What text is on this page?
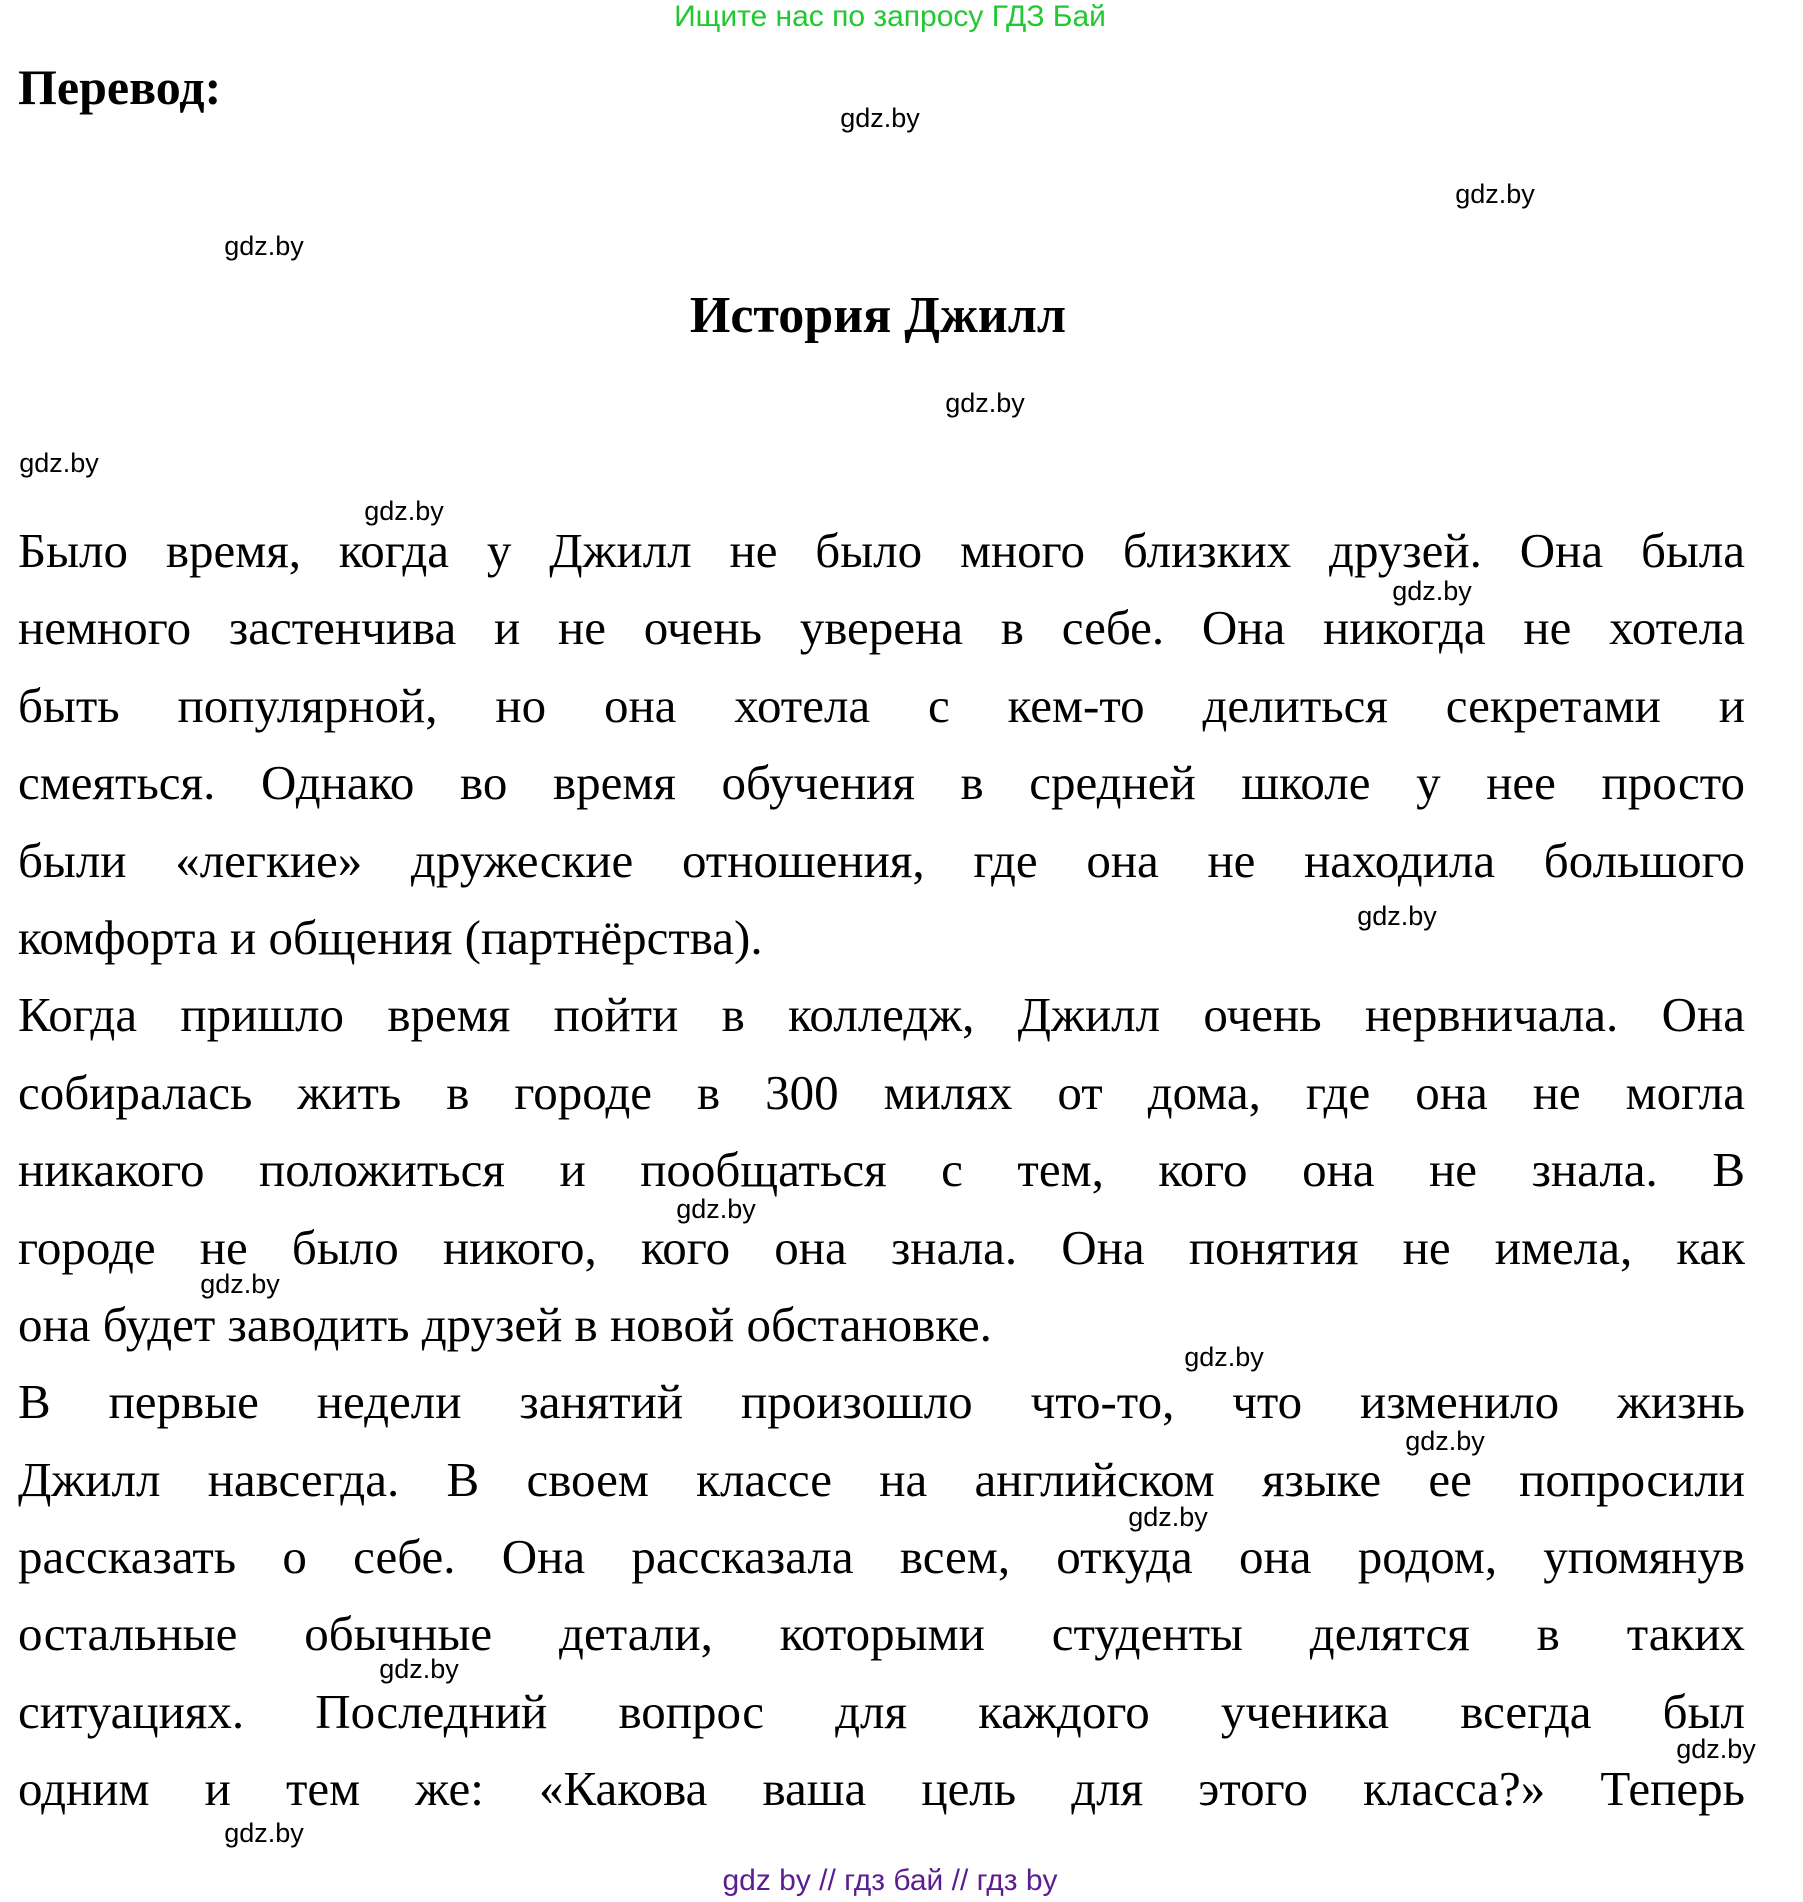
Ищите нас по запросу ГДЗ Бай
Перевод:
История Джилл
Было время, когда у Джилл не было много близких друзей. Она была
немного застенчива и не очень уверена в себе. Она никогда не хотела
быть популярной, но она хотела с кем-то делиться секретами и
смеяться. Однако во время обучения в средней школе у нее просто
были «легкие» дружеские отношения, где она не находила большого
комфорта и общения (партнёрства).
Когда пришло время пойти в колледж, Джилл очень нервничала. Она
собиралась жить в городе в 300 милях от дома, где она не могла
никакого положиться и пообщаться с тем, кого она не знала. В
городе не было никого, кого она знала. Она понятия не имела, как
она будет заводить друзей в новой обстановке.
В первые недели занятий произошло что-то, что изменило жизнь
Джилл навсегда. В своем классе на английском языке ее попросили
рассказать о себе. Она рассказала всем, откуда она родом, упомянув
остальные обычные детали, которыми студенты делятся в таких
ситуациях. Последний вопрос для каждого ученика всегда был
одним и тем же: «Какова ваша цель для этого класса?» Теперь
gdz.by
gdz.by
gdz.by
gdz.by
gdz.by
gdz.by
gdz.by
gdz.by
gdz.by
gdz.by
gdz.by
gdz.by
gdz.by
gdz.by
gdz.by
gdz.by
gdz by // гдз бай // гдз by
